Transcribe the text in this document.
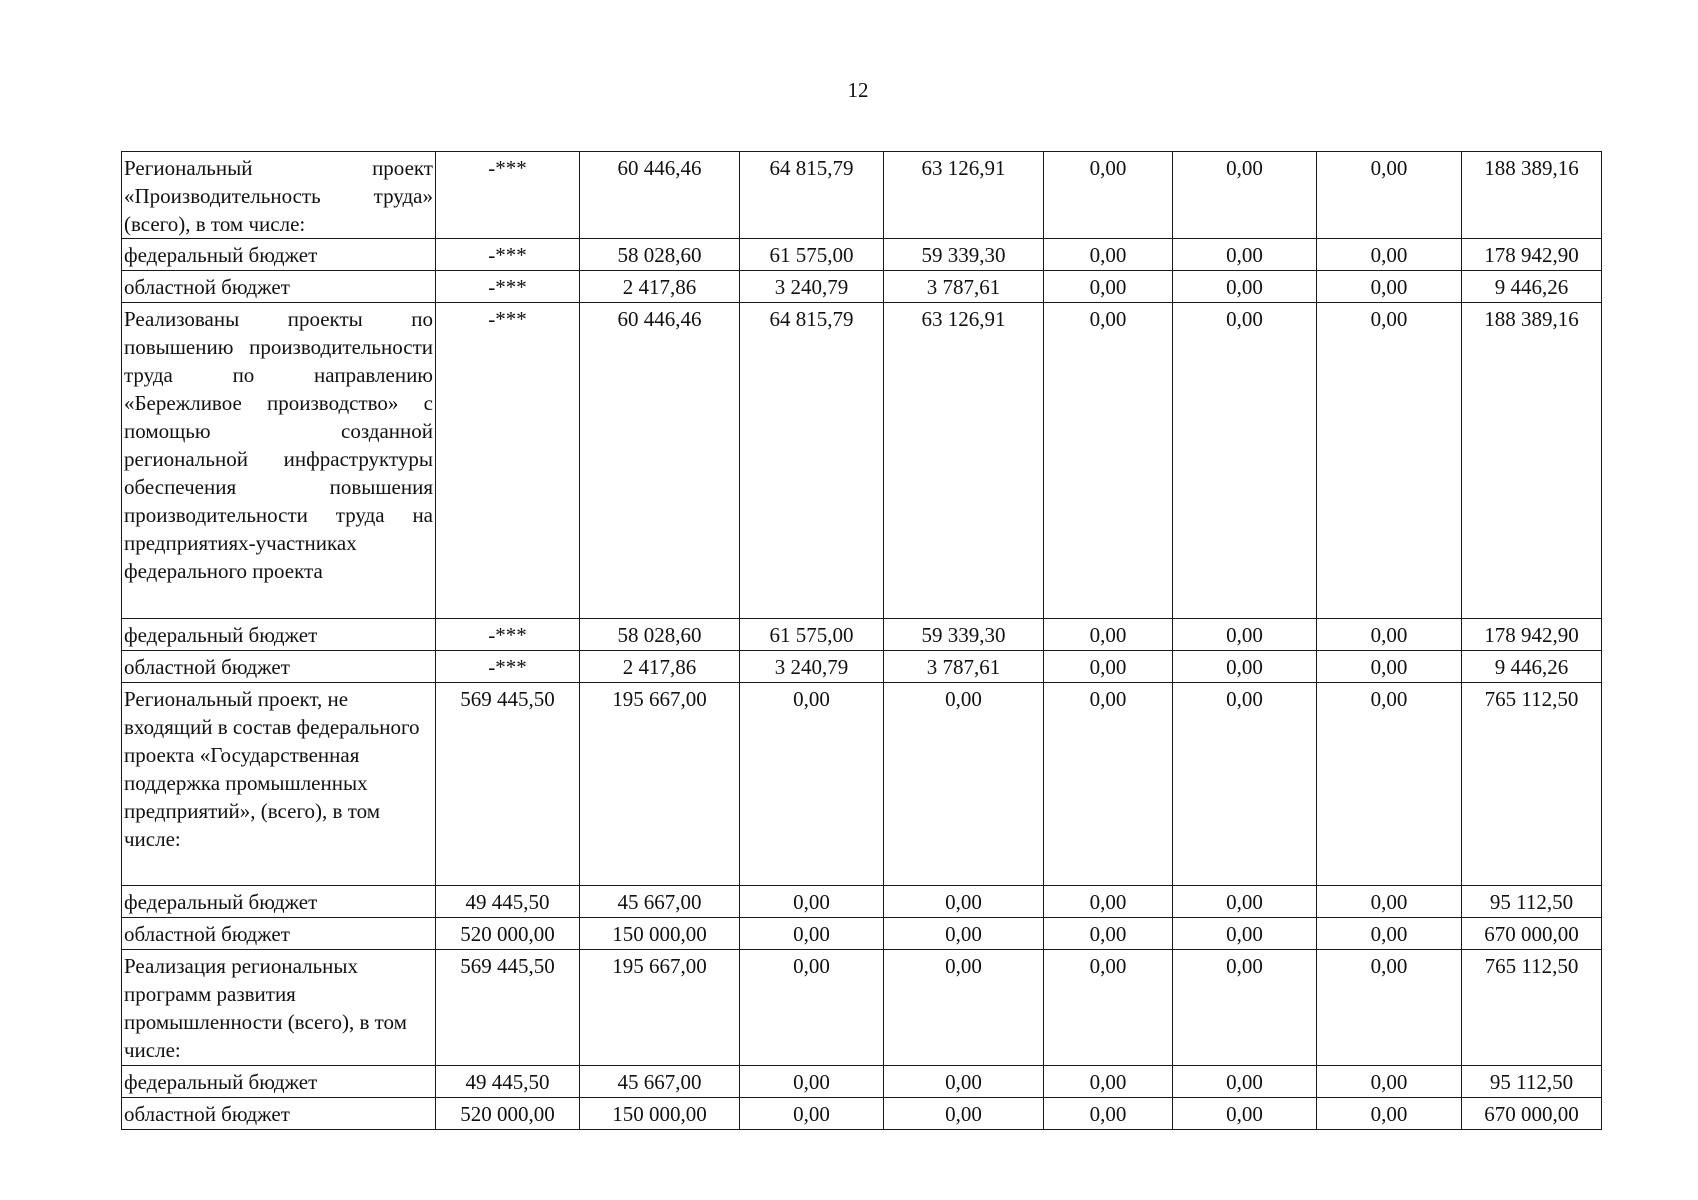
12
Региональный проект «Производительность труда» (всего), в том числе:	-***	60 446,46	64 815,79	63 126,91	0,00	0,00	0,00	188 389,16
федеральный бюджет	-***	58 028,60	61 575,00	59 339,30	0,00	0,00	0,00	178 942,90
областной бюджет	-***	2 417,86	3 240,79	3 787,61	0,00	0,00	0,00	9 446,26
Реализованы проекты по повышению производительности труда по направлению «Бережливое производство» с помощью созданной региональной инфраструктуры обеспечения повышения производительности труда на предприятиях-участниках федерального проекта	-***	60 446,46	64 815,79	63 126,91	0,00	0,00	0,00	188 389,16
федеральный бюджет	-***	58 028,60	61 575,00	59 339,30	0,00	0,00	0,00	178 942,90
областной бюджет	-***	2 417,86	3 240,79	3 787,61	0,00	0,00	0,00	9 446,26
Региональный проект, не входящий в состав федерального проекта «Государственная поддержка промышленных предприятий», (всего), в том числе:	569 445,50	195 667,00	0,00	0,00	0,00	0,00	0,00	765 112,50
федеральный бюджет	49 445,50	45 667,00	0,00	0,00	0,00	0,00	0,00	95 112,50
областной бюджет	520 000,00	150 000,00	0,00	0,00	0,00	0,00	0,00	670 000,00
Реализация региональных программ развития промышленности (всего), в том числе:	569 445,50	195 667,00	0,00	0,00	0,00	0,00	0,00	765 112,50
федеральный бюджет	49 445,50	45 667,00	0,00	0,00	0,00	0,00	0,00	95 112,50
областной бюджет	520 000,00	150 000,00	0,00	0,00	0,00	0,00	0,00	670 000,00
